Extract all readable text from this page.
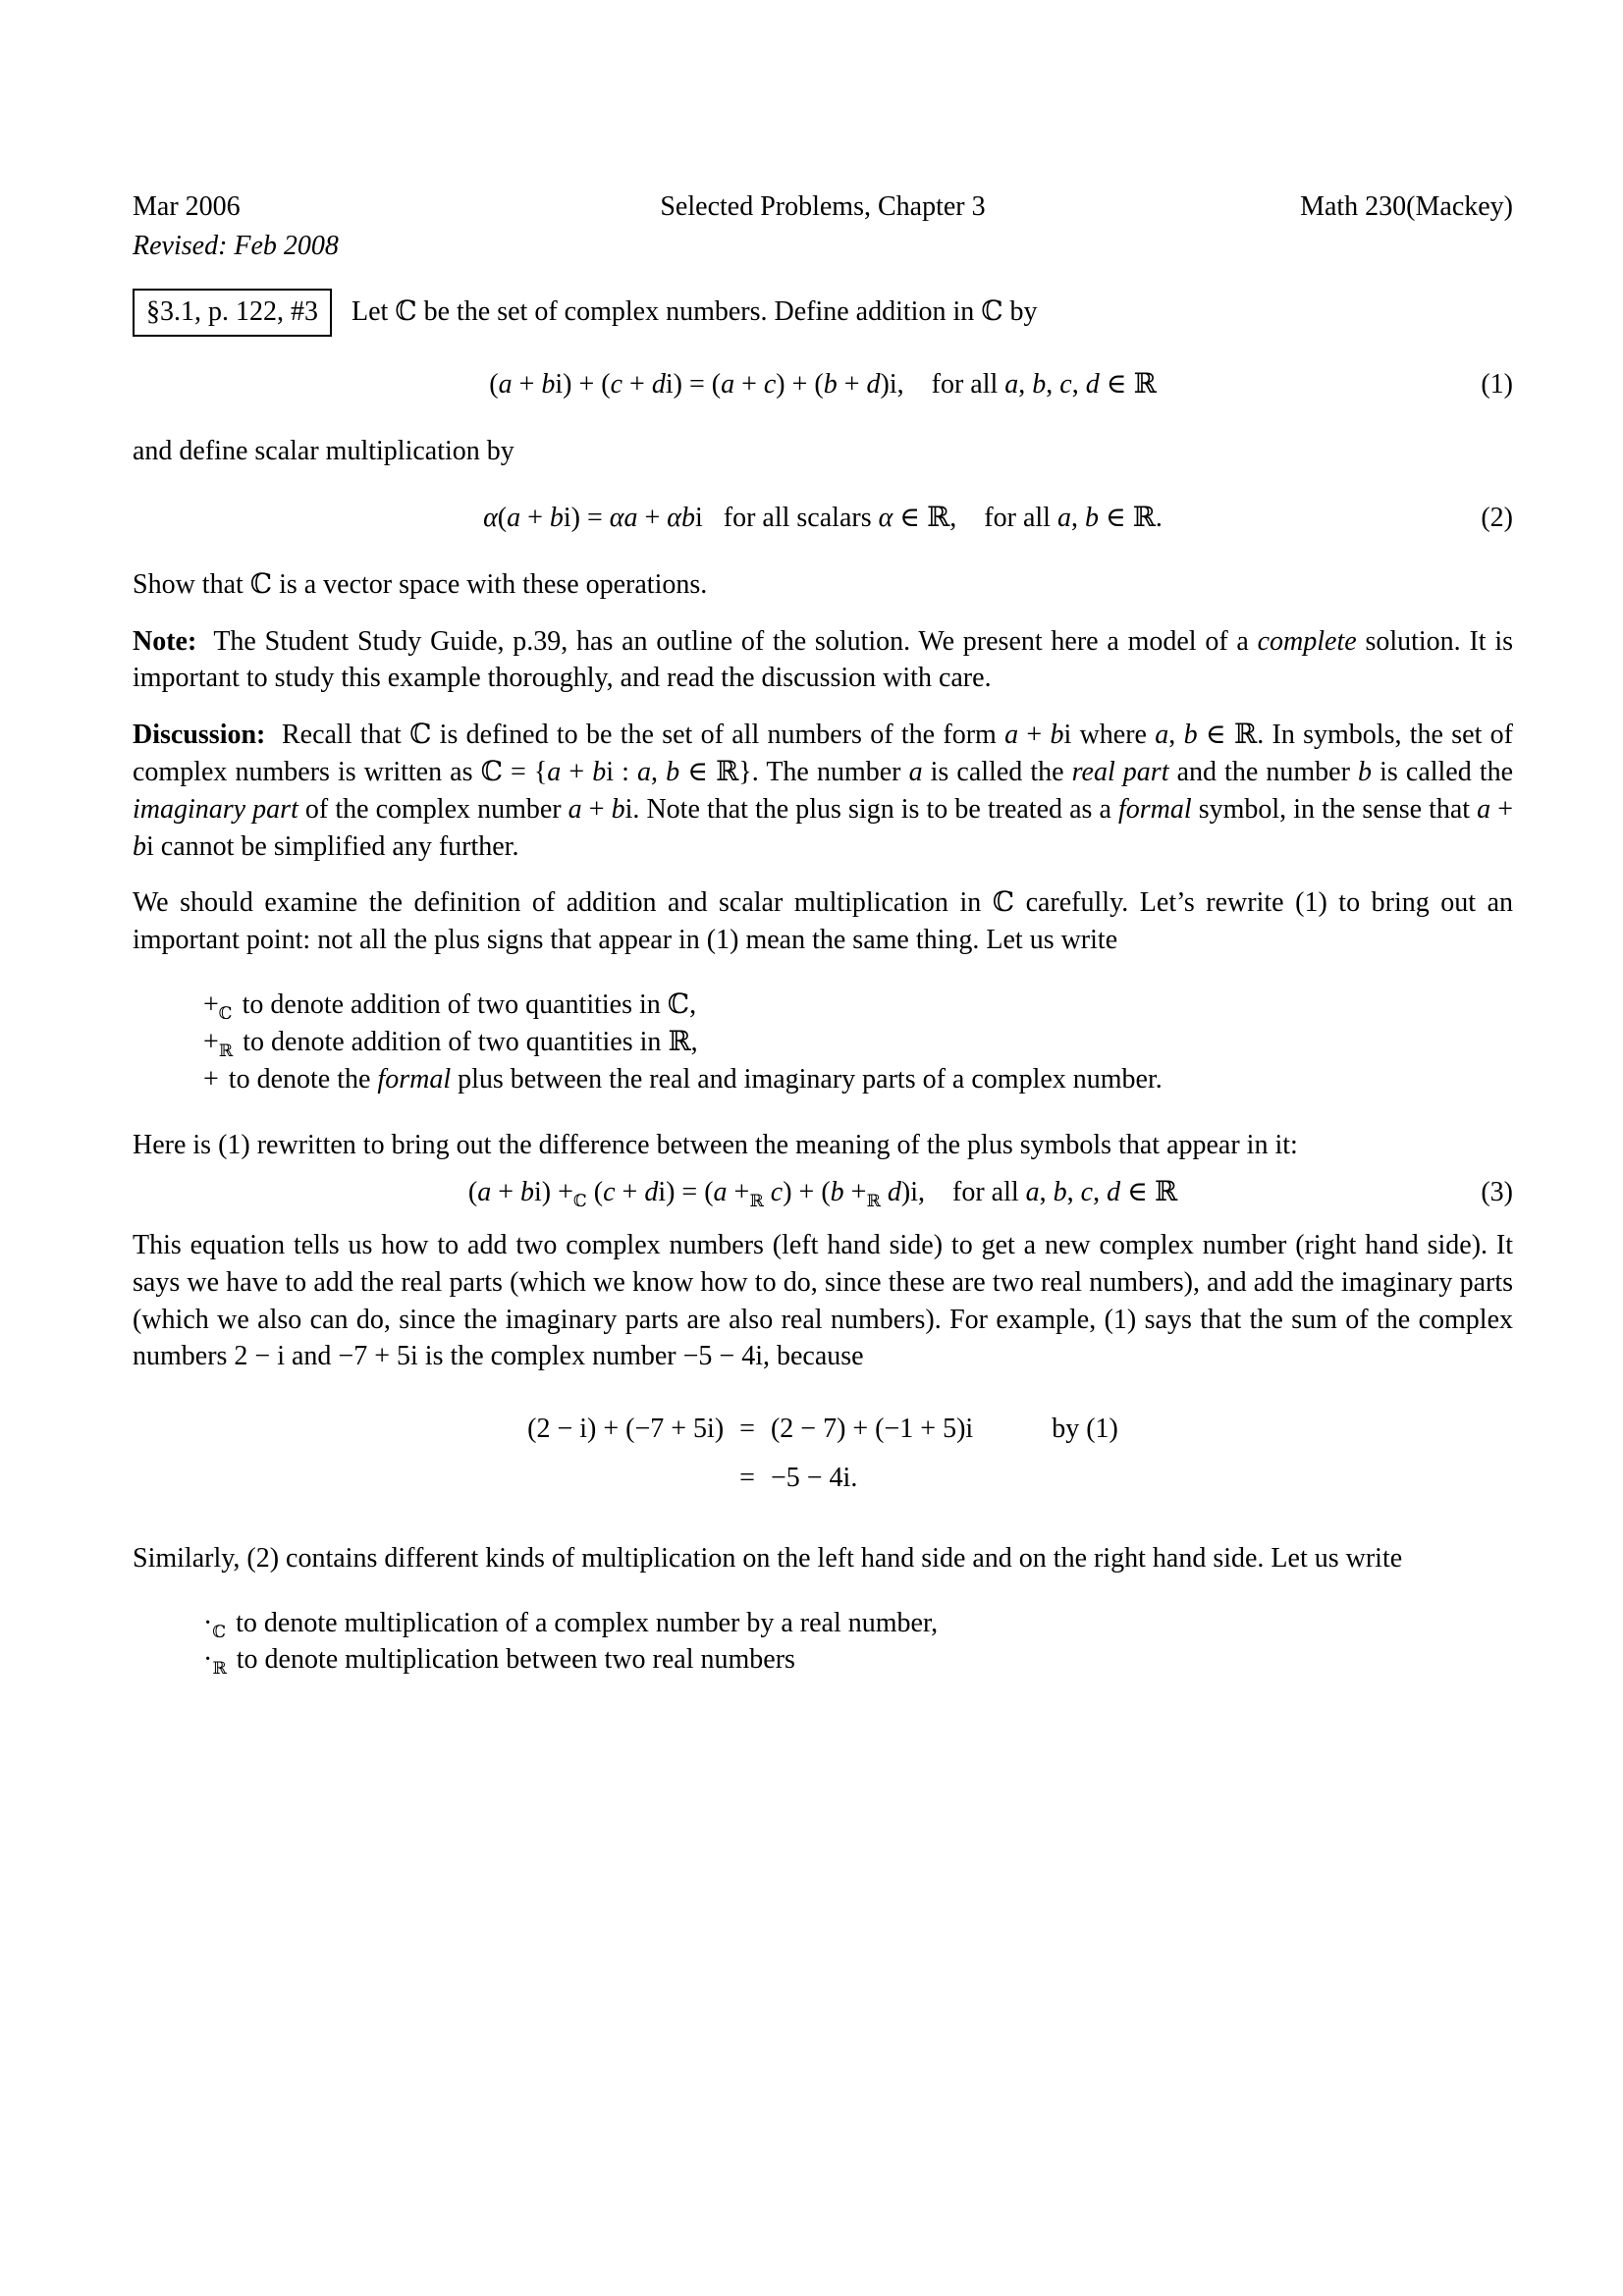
Mar 2006	Selected Problems, Chapter 3	Math 230(Mackey)
Revised: Feb 2008
§3.1, p. 122, #3	Let ℂ be the set of complex numbers. Define addition in ℂ by
(a + bi) + (c + di) = (a + c) + (b + d)i,    for all a, b, c, d ∈ ℝ	(1)

and define scalar multiplication by

α(a + bi) = αa + αbi   for all scalars α ∈ ℝ,    for all a, b ∈ ℝ.	(2)

Show that ℂ is a vector space with these operations.

Note:  The Student Study Guide, p.39, has an outline of the solution. We present here a model of a complete solution. It is important to study this example thoroughly, and read the discussion with care.

Discussion:  Recall that ℂ is defined to be the set of all numbers of the form a + bi where a, b ∈ ℝ. In symbols, the set of complex numbers is written as ℂ = {a + bi : a, b ∈ ℝ}. The number a is called the real part and the number b is called the imaginary part of the complex number a + bi. Note that the plus sign is to be treated as a formal symbol, in the sense that a + bi cannot be simplified any further.

We should examine the definition of addition and scalar multiplication in ℂ carefully. Let’s rewrite (1) to bring out an important point: not all the plus signs that appear in (1) mean the same thing. Let us write

$+_ℂ$ to denote addition of two quantities in ℂ,
$+_ℝ$ to denote addition of two quantities in ℝ,
+ to denote the formal plus between the real and imaginary parts of a complex number.

Here is (1) rewritten to bring out the difference between the meaning of the plus symbols that appear in it:

$(a + bi) +_ℂ$ $(c + di) = (a +_ℝ$ $c) + (b +_ℝ$ d)i,    for all a, b, c, d ∈ ℝ	(3)

This equation tells us how to add two complex numbers (left hand side) to get a new complex number (right hand side). It says we have to add the real parts (which we know how to do, since these are two real numbers), and add the imaginary parts (which we also can do, since the imaginary parts are also real numbers). For example, (1) says that the sum of the complex numbers 2 − i and −7 + 5i is the complex number −5 − 4i, because

(2 − i) + (−7 + 5i) = (2 − 7) + (−1 + 5)i	by (1)
= −5 − 4i.

Similarly, (2) contains different kinds of multiplication on the left hand side and on the right hand side. Let us write

$\cdot_ℂ$ to denote multiplication of a complex number by a real number,
$\cdot_ℝ$ to denote multiplication between two real numbers
